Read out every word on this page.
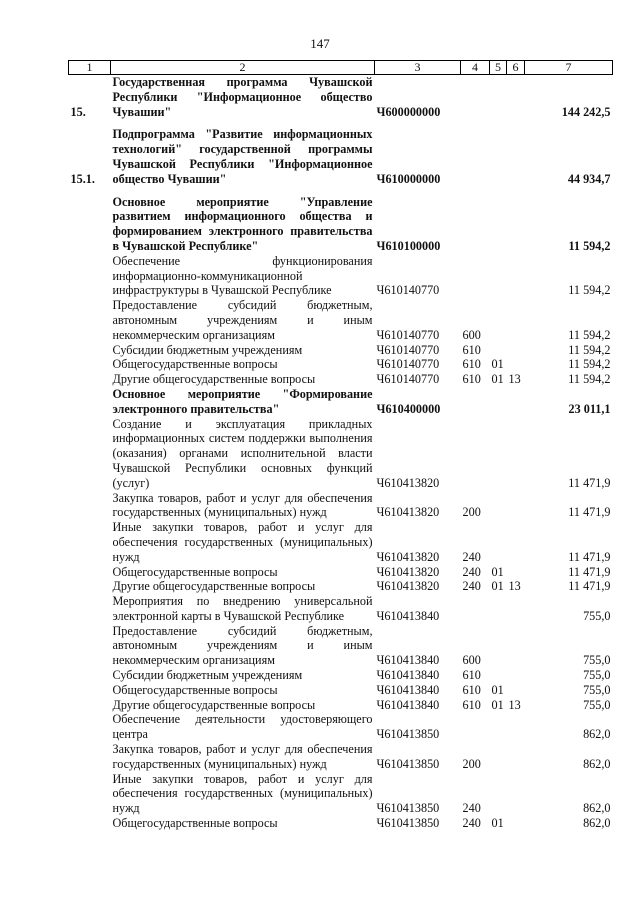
147
1	2	3	4	5	6	7
15.	Государственная программа Чувашской Республики "Информационное общество Чувашии"	Ч600000000				144 242,5

15.1.	Подпрограмма "Развитие информационных технологий" государственной программы Чувашской Республики "Информационное общество Чувашии"	Ч610000000				44 934,7

	Основное мероприятие "Управление развитием информационного общества и формированием электронного правительства в Чувашской Республике"	Ч610100000				11 594,2
	Обеспечение функционирования информационно-коммуникационной инфраструктуры в Чувашской Республике	Ч610140770				11 594,2
	Предоставление субсидий бюджетным, автономным учреждениям и иным некоммерческим организациям	Ч610140770	600			11 594,2
	Субсидии бюджетным учреждениям	Ч610140770	610			11 594,2
	Общегосударственные вопросы	Ч610140770	610	01		11 594,2
	Другие общегосударственные вопросы	Ч610140770	610	01	13	11 594,2
	Основное мероприятие "Формирование электронного правительства"	Ч610400000				23 011,1
	Создание и эксплуатация прикладных информационных систем поддержки выполнения (оказания) органами исполнительной власти Чувашской Республики основных функций (услуг)	Ч610413820				11 471,9
	Закупка товаров, работ и услуг для обеспечения государственных (муниципальных) нужд	Ч610413820	200			11 471,9
	Иные закупки товаров, работ и услуг для обеспечения государственных (муниципальных) нужд	Ч610413820	240			11 471,9
	Общегосударственные вопросы	Ч610413820	240	01		11 471,9
	Другие общегосударственные вопросы	Ч610413820	240	01	13	11 471,9
	Мероприятия по внедрению универсальной электронной карты в Чувашской Республике	Ч610413840				755,0
	Предоставление субсидий бюджетным, автономным учреждениям и иным некоммерческим организациям	Ч610413840	600			755,0
	Субсидии бюджетным учреждениям	Ч610413840	610			755,0
	Общегосударственные вопросы	Ч610413840	610	01		755,0
	Другие общегосударственные вопросы	Ч610413840	610	01	13	755,0
	Обеспечение деятельности удостоверяющего центра	Ч610413850				862,0
	Закупка товаров, работ и услуг для обеспечения государственных (муниципальных) нужд	Ч610413850	200			862,0
	Иные закупки товаров, работ и услуг для обеспечения государственных (муниципальных) нужд	Ч610413850	240			862,0
	Общегосударственные вопросы	Ч610413850	240	01		862,0
